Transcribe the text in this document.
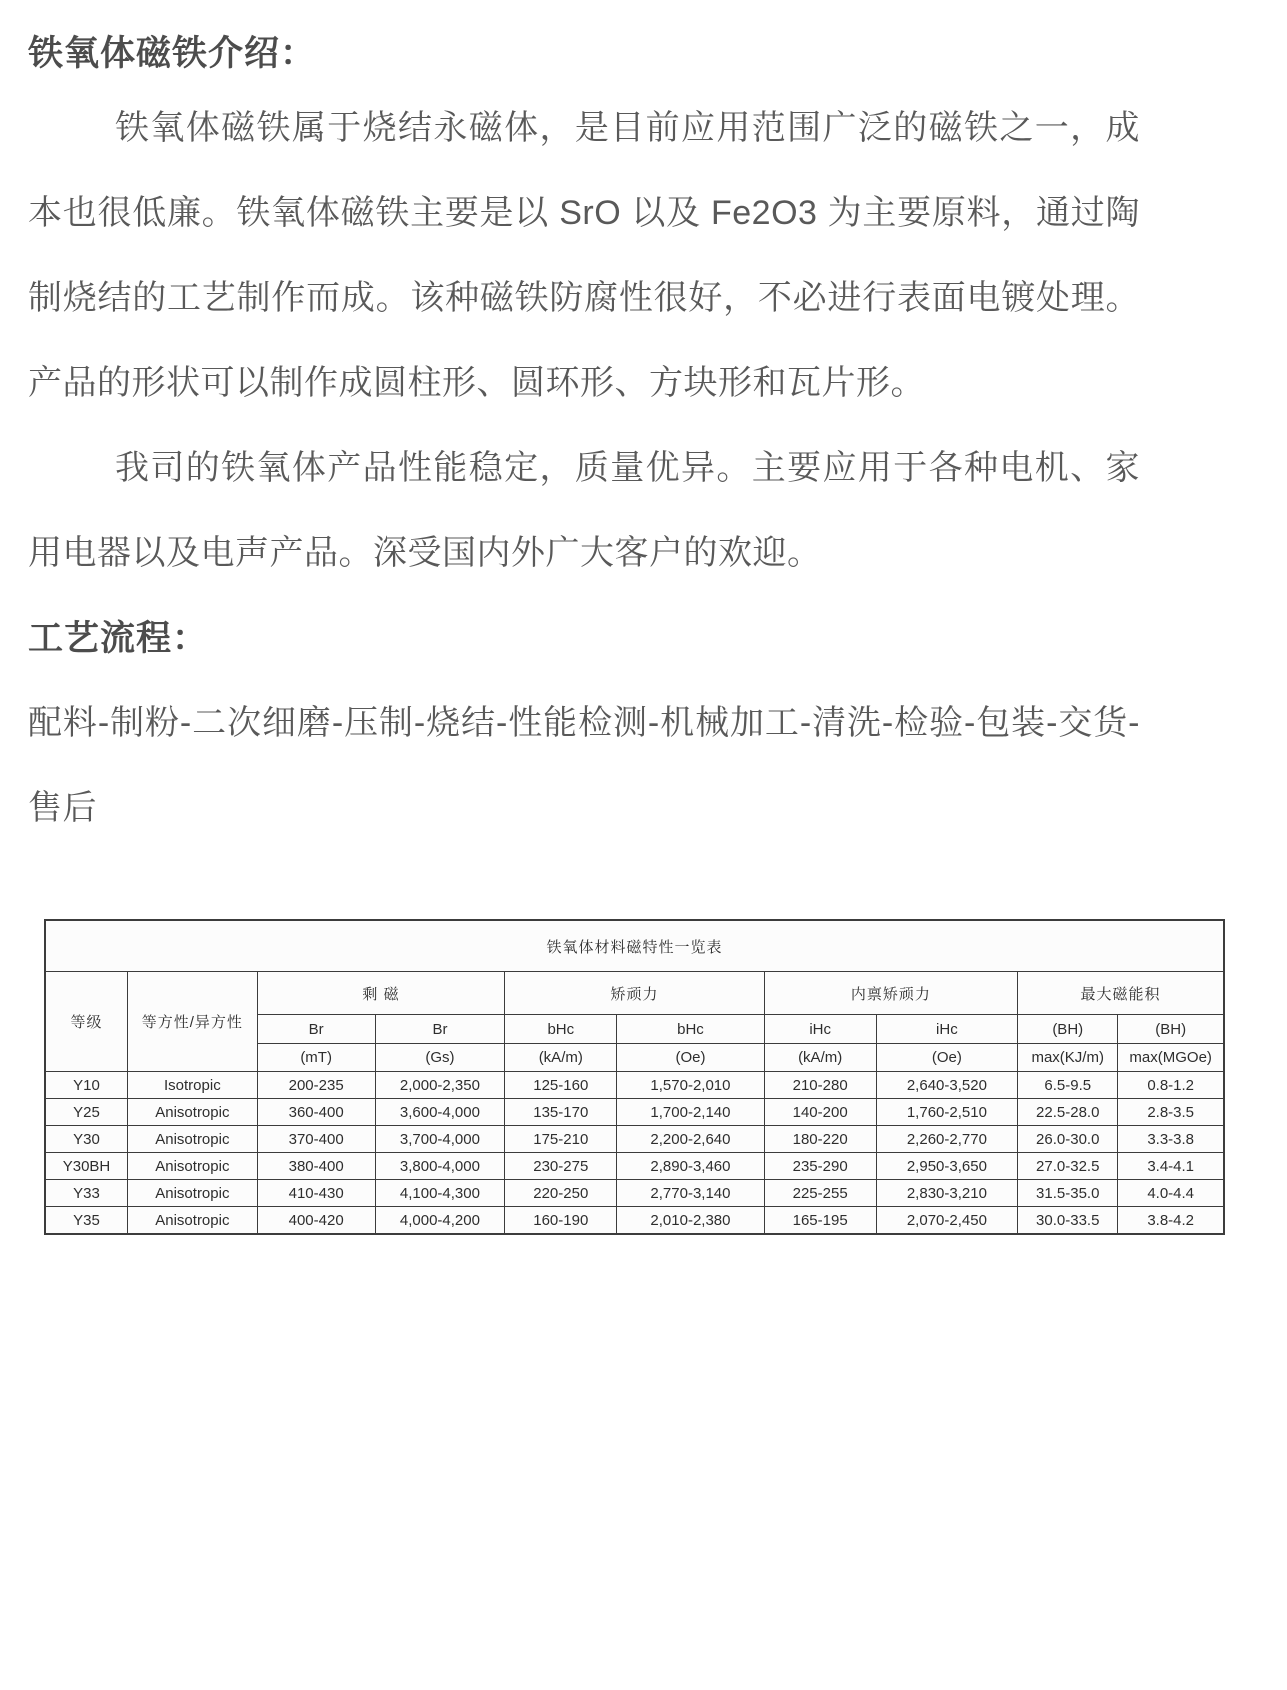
铁氧体磁铁介绍：

铁氧体磁铁属于烧结永磁体，是目前应用范围广泛的磁铁之一，成本也很低廉。铁氧体磁铁主要是以 SrO 以及 Fe2O3 为主要原料，通过陶制烧结的工艺制作而成。该种磁铁防腐性很好，不必进行表面电镀处理。产品的形状可以制作成圆柱形、圆环形、方块形和瓦片形。

我司的铁氧体产品性能稳定，质量优异。主要应用于各种电机、家用电器以及电声产品。深受国内外广大客户的欢迎。

工艺流程：

配料-制粉-二次细磨-压制-烧结-性能检测-机械加工-清洗-检验-包装-交货-售后

铁氧体材料磁特性一览表									
等级	等方性/异方性	剩 磁		矫顽力		内禀矫顽力		最大磁能积	
		Br	Br	bHc	bHc	iHc	iHc	(BH)	(BH)
		(mT)	(Gs)	(kA/m)	(Oe)	(kA/m)	(Oe)	max(KJ/m)	max(MGOe)
Y10	Isotropic	200-235	2,000-2,350	125-160	1,570-2,010	210-280	2,640-3,520	6.5-9.5	0.8-1.2
Y25	Anisotropic	360-400	3,600-4,000	135-170	1,700-2,140	140-200	1,760-2,510	22.5-28.0	2.8-3.5
Y30	Anisotropic	370-400	3,700-4,000	175-210	2,200-2,640	180-220	2,260-2,770	26.0-30.0	3.3-3.8
Y30BH	Anisotropic	380-400	3,800-4,000	230-275	2,890-3,460	235-290	2,950-3,650	27.0-32.5	3.4-4.1
Y33	Anisotropic	410-430	4,100-4,300	220-250	2,770-3,140	225-255	2,830-3,210	31.5-35.0	4.0-4.4
Y35	Anisotropic	400-420	4,000-4,200	160-190	2,010-2,380	165-195	2,070-2,450	30.0-33.5	3.8-4.2
